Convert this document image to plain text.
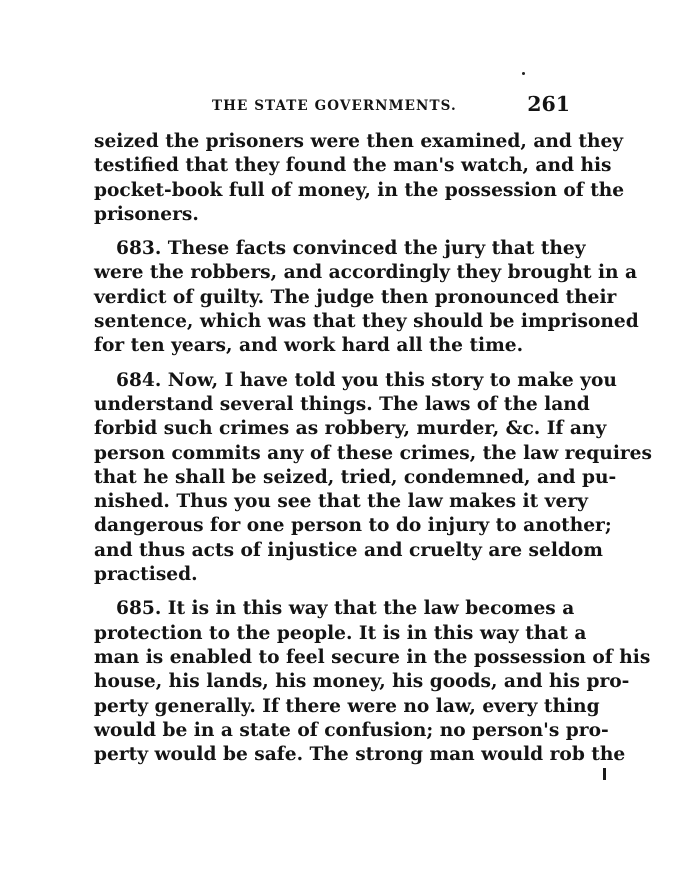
THE STATE GOVERNMENTS.	261
seized the prisoners were then examined, and they
testified that they found the man's watch, and his
pocket-book full of money, in the possession of the
prisoners.
683. These facts convinced the jury that they
were the robbers, and accordingly they brought in a
verdict of guilty. The judge then pronounced their
sentence, which was that they should be imprisoned
for ten years, and work hard all the time.
684. Now, I have told you this story to make you
understand several things. The laws of the land
forbid such crimes as robbery, murder, &c. If any
person commits any of these crimes, the law requires
that he shall be seized, tried, condemned, and pu-
nished. Thus you see that the law makes it very
dangerous for one person to do injury to another;
and thus acts of injustice and cruelty are seldom
practised.
685. It is in this way that the law becomes a
protection to the people. It is in this way that a
man is enabled to feel secure in the possession of his
house, his lands, his money, his goods, and his pro-
perty generally. If there were no law, every thing
would be in a state of confusion; no person's pro-
perty would be safe. The strong man would rob the
